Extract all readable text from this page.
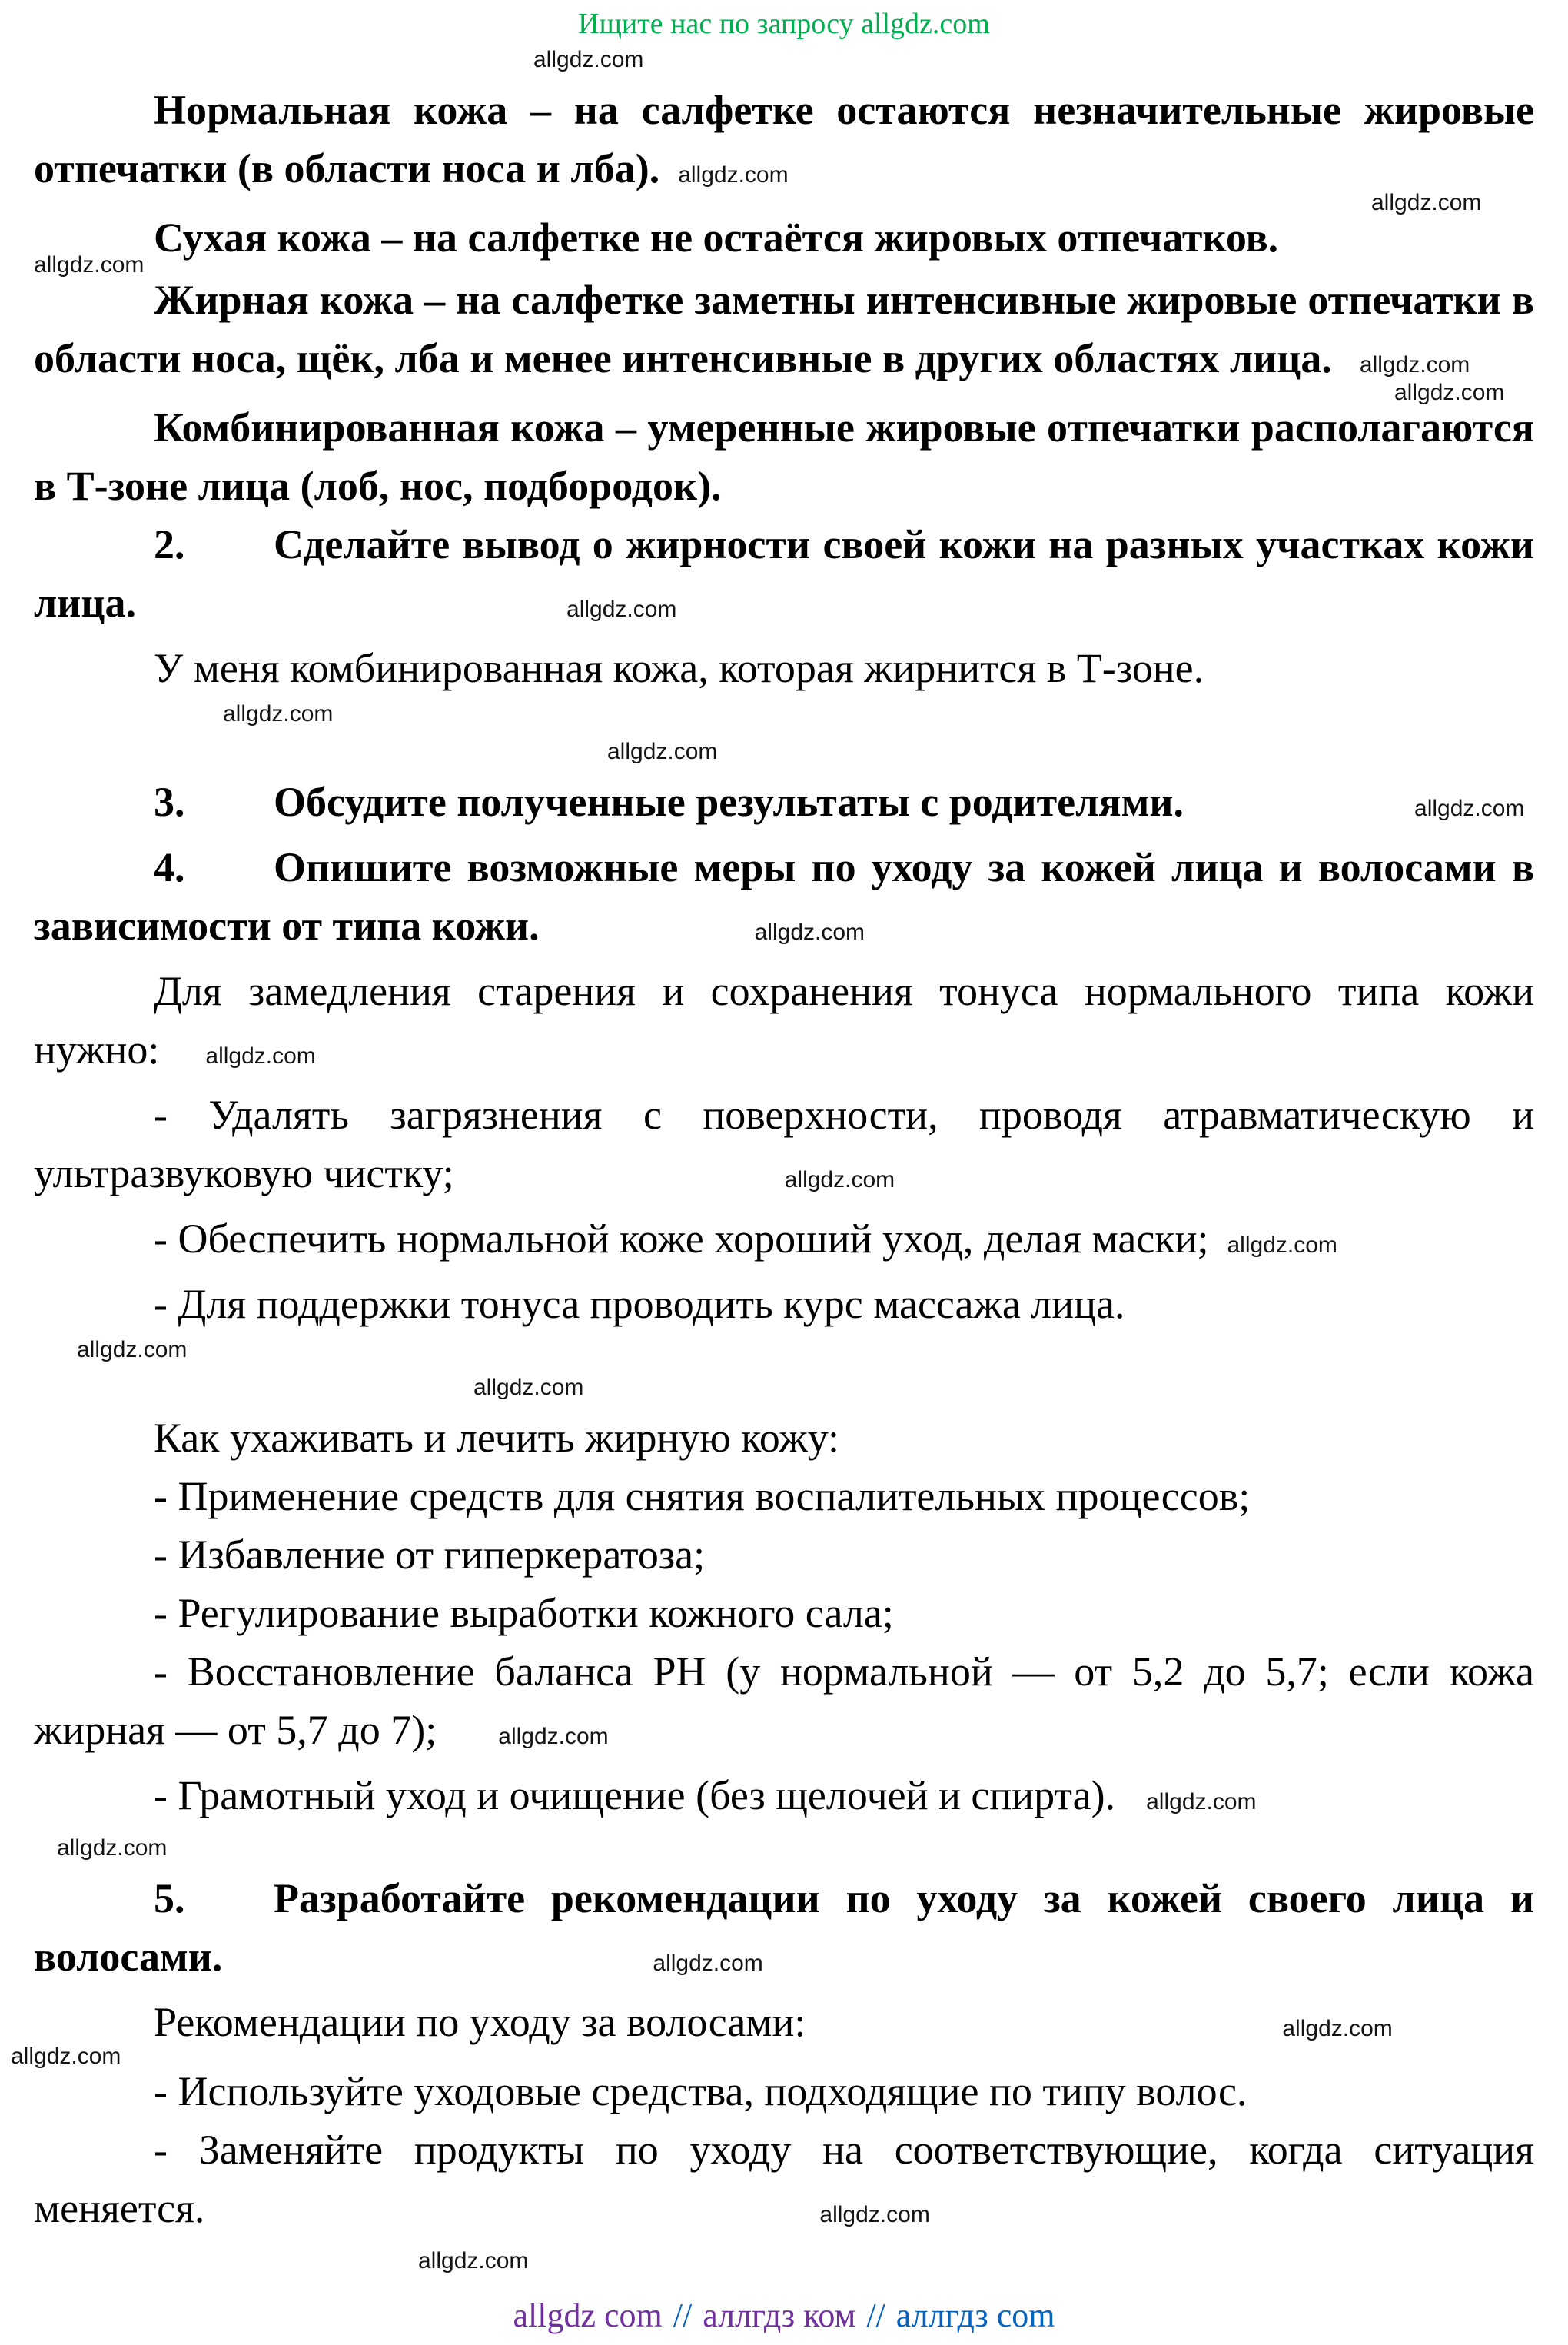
Ищите нас по запросу allgdz.com
allgdz.com

Нормальная кожа – на салфетке остаются незначительные жировые отпечатки (в области носа и лба). allgdz.com

allgdz.com

Сухая кожа – на салфетке не остаётся жировых отпечатков.

allgdz.com

Жирная кожа – на салфетке заметны интенсивные жировые отпечатки в области носа, щёк, лба и менее интенсивные в других областях лица. allgdz.com

allgdz.com

Комбинированная кожа – умеренные жировые отпечатки располагаются в Т-зоне лица (лоб, нос, подбородок).

2. Сделайте вывод о жирности своей кожи на разных участках кожи лица.	allgdz.com

У меня комбинированная кожа, которая жирнится в Т-зоне.

allgdz.com
allgdz.com

3. Обсудите полученные результаты с родителями.	allgdz.com

4. Опишите возможные меры по уходу за кожей лица и волосами в зависимости от типа кожи.	allgdz.com

Для замедления старения и сохранения тонуса нормального типа кожи нужно: allgdz.com

- Удалять загрязнения с поверхности, проводя атравматическую и ультразвуковую чистку;	allgdz.com

- Обеспечить нормальной коже хороший уход, делая маски; allgdz.com

- Для поддержки тонуса проводить курс массажа лица.

allgdz.com
allgdz.com

Как ухаживать и лечить жирную кожу:

- Применение средств для снятия воспалительных процессов;

- Избавление от гиперкератоза;

- Регулирование выработки кожного сала;

- Восстановление баланса PH (у нормальной — от 5,2 до 5,7; если кожа жирная — от 5,7 до 7);	allgdz.com

- Грамотный уход и очищение (без щелочей и спирта). allgdz.com

allgdz.com

5. Разработайте рекомендации по уходу за кожей своего лица и волосами.	allgdz.com

Рекомендации по уходу за волосами:	allgdz.com

allgdz.com

- Используйте уходовые средства, подходящие по типу волос.

- Заменяйте продукты по уходу на соответствующие, когда ситуация меняется.	allgdz.com

allgdz.com
allgdz com // аллгдз ком // аллгдз com
